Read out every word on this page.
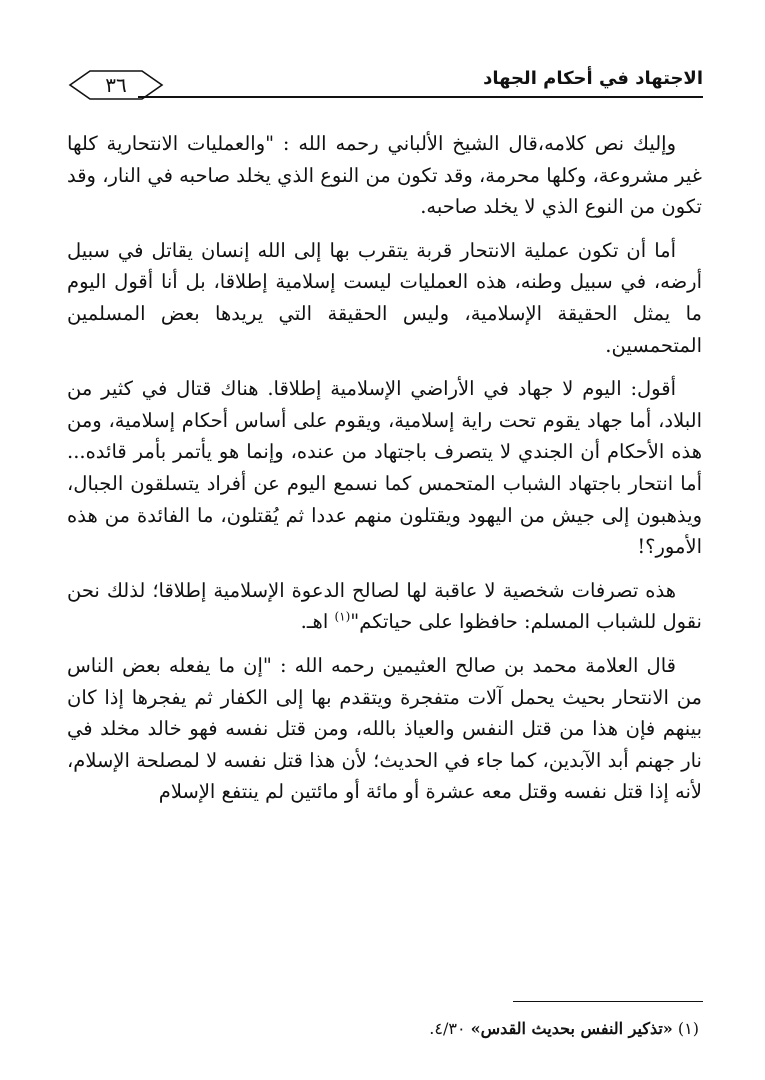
الاجتهاد في أحكام الجهاد
٣٦

وإليك نص كلامه،قال الشيخ الألباني رحمه الله : "والعمليات الانتحارية كلها غير مشروعة، وكلها محرمة، وقد تكون من النوع الذي يخلد صاحبه في النار، وقد تكون من النوع الذي لا يخلد صاحبه.

أما أن تكون عملية الانتحار قربة يتقرب بها إلى الله إنسان يقاتل في سبيل أرضه، في سبيل وطنه، هذه العمليات ليست إسلامية إطلاقا، بل أنا أقول اليوم ما يمثل الحقيقة الإسلامية، وليس الحقيقة التي يريدها بعض المسلمين المتحمسين.

أقول: اليوم لا جهاد في الأراضي الإسلامية إطلاقا. هناك قتال في كثير من البلاد، أما جهاد يقوم تحت راية إسلامية، ويقوم على أساس أحكام إسلامية، ومن هذه الأحكام أن الجندي لا يتصرف باجتهاد من عنده، وإنما هو يأتمر بأمر قائده... أما انتحار باجتهاد الشباب المتحمس كما نسمع اليوم عن أفراد يتسلقون الجبال، ويذهبون إلى جيش من اليهود ويقتلون منهم عددا ثم يُقتلون، ما الفائدة من هذه الأمور؟!

هذه تصرفات شخصية لا عاقبة لها لصالح الدعوة الإسلامية إطلاقا؛ لذلك نحن نقول للشباب المسلم: حافظوا على حياتكم"$^{(١)}$ اهـ.

قال العلامة محمد بن صالح العثيمين رحمه الله : "إن ما يفعله بعض الناس من الانتحار بحيث يحمل آلات متفجرة ويتقدم بها إلى الكفار ثم يفجرها إذا كان بينهم فإن هذا من قتل النفس والعياذ بالله، ومن قتل نفسه فهو خالد مخلد في نار جهنم أبد الآبدين، كما جاء في الحديث؛ لأن هذا قتل نفسه لا لمصلحة الإسلام، لأنه إذا قتل نفسه وقتل معه عشرة أو مائة أو مائتين لم ينتفع الإسلام

(١) «تذكير النفس بحديث القدس» ٤/٣٠.
